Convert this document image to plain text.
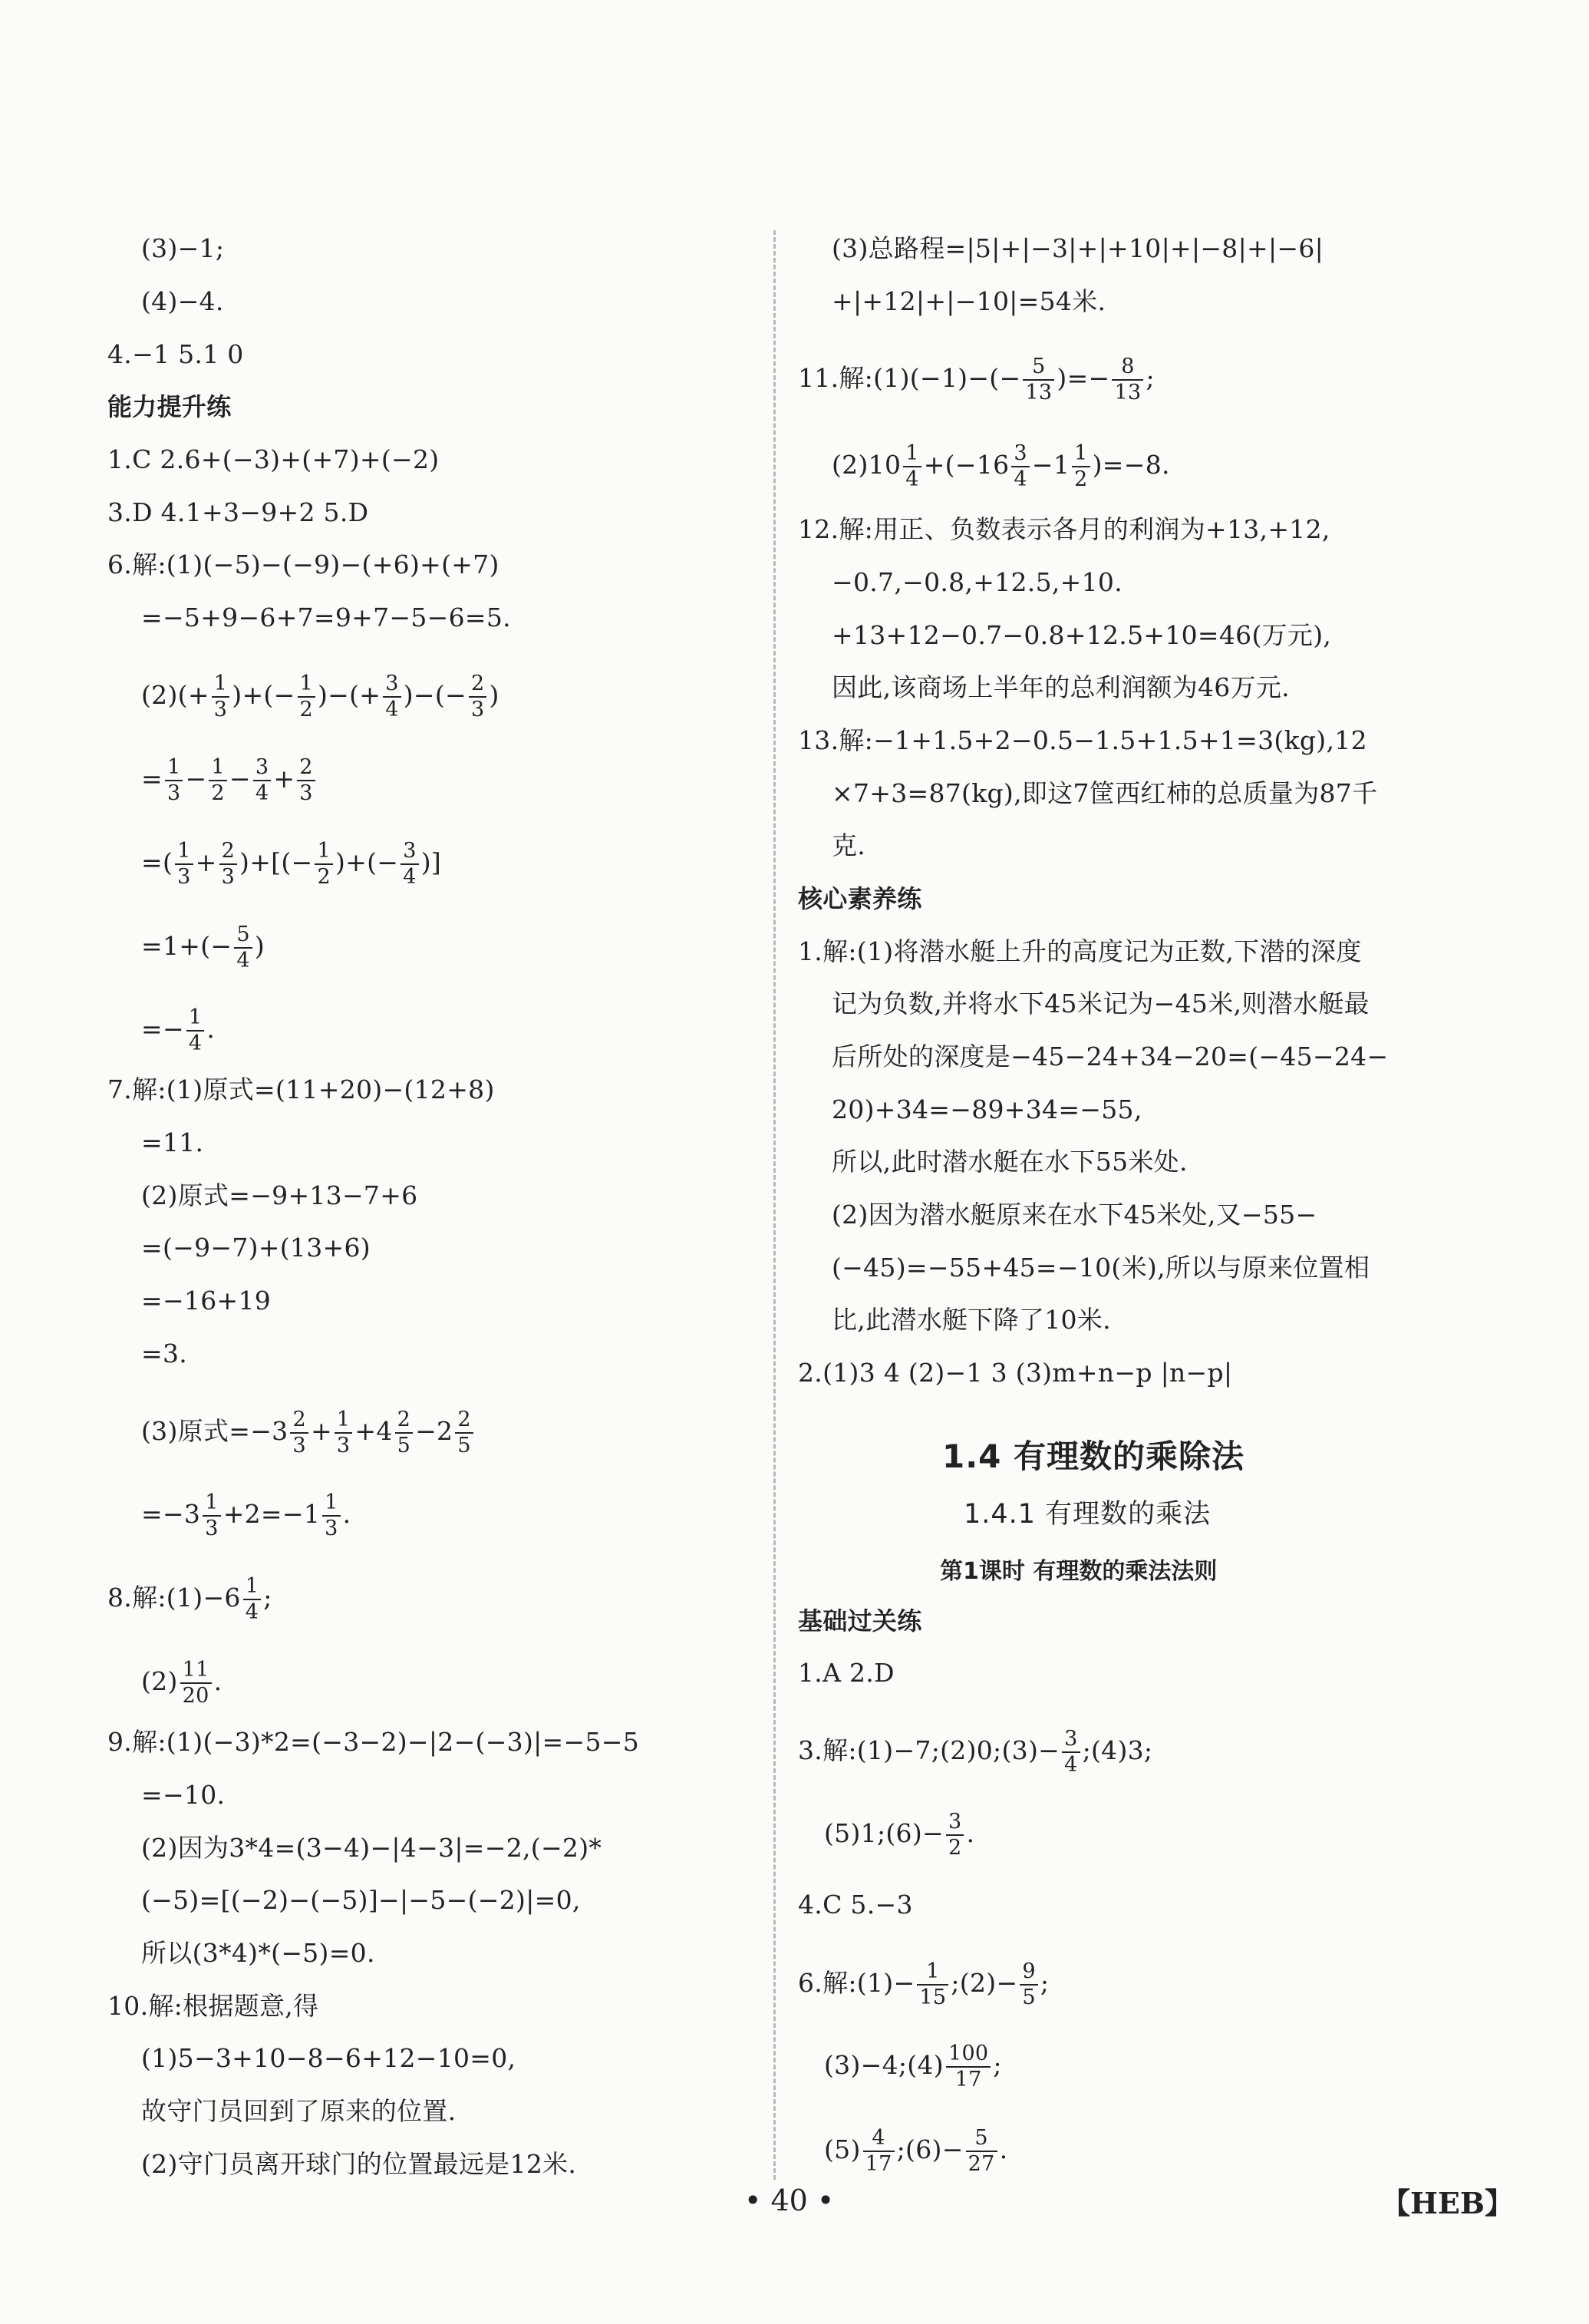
(3)−1;
(4)−4.
4.−1 5.1 0
能力提升练
1.C 2.6+(−3)+(+7)+(−2)
3.D 4.1+3−9+2 5.D
6.解:(1)(−5)−(−9)−(+6)+(+7)
=−5+9−6+7=9+7−5−6=5.
$(2)(+ \frac{1}{3}$ )+(− $\frac{1}{2}$ )−(+ $\frac{3}{4}$ )−(− $\frac{2}{3}$ )
= $\frac{1}{3} - \frac{1}{2} - \frac{3}{4} + \frac{2}{3}$
=( $\frac{1}{3} + \frac{2}{3}$ )+[(− $\frac{1}{2}$ )+(− $\frac{3}{4}$ )]
$=1+(- \frac{5}{4}$ )
=− $\frac{1}{4}$ .
7.解:(1)原式=(11+20)−(12+8)
=11.
(2)原式=−9+13−7+6
=(−9−7)+(13+6)
=−16+19
=3.
(3)原式$=-3 \frac{2}{3} + \frac{1}{3} +4 \frac{2}{5} -2 \frac{2}{5}$
$=-3 \frac{1}{3} +2=-1 \frac{1}{3}$ .
8.解:(1)−6 $\frac{1}{4}$ ;
$(2) \frac{11}{20}$ .
9.解:(1)(−3)*2=(−3−2)−|2−(−3)|=−5−5
=−10.
(2)因为3*4=(3−4)−|4−3|=−2,(−2)*
(−5)=[(−2)−(−5)]−|−5−(−2)|=0,
所以(3*4)*(−5)=0.
10.解:根据题意,得
(1)5−3+10−8−6+12−10=0,
故守门员回到了原来的位置.
(2)守门员离开球门的位置最远是12米.
(3)总路程=|5|+|−3|+|+10|+|−8|+|−6|
+|+12|+|−10|=54米.
11.解:(1)(−1)−(− $\frac{5}{13}$ )=− $\frac{8}{13}$ ;
$(2)10 \frac{1}{4} +(-16 \frac{3}{4} -1 \frac{1}{2} )=-8$.
12.解:用正、负数表示各月的利润为+13,+12,
−0.7,−0.8,+12.5,+10.
+13+12−0.7−0.8+12.5+10=46(万元),
因此,该商场上半年的总利润额为46万元.
13.解:−1+1.5+2−0.5−1.5+1.5+1=3(kg),12
×7+3=87(kg),即这7筐西红柿的总质量为87千
克.
核心素养练
1.解:(1)将潜水艇上升的高度记为正数,下潜的深度
记为负数,并将水下45米记为−45米,则潜水艇最
后所处的深度是−45−24+34−20=(−45−24−
20)+34=−89+34=−55,
所以,此时潜水艇在水下55米处.
(2)因为潜水艇原来在水下45米处,又−55−
(−45)=−55+45=−10(米),所以与原来位置相
比,此潜水艇下降了10米.
2.(1)3 4 (2)−1 3 (3)m+n−p |n−p|
1.4 有理数的乘除法
1.4.1 有理数的乘法
第1课时 有理数的乘法法则
基础过关练
1.A 2.D
3.解:(1)−7;(2)0;(3)− $\frac{3}{4}$ ;(4)3;
(5)1;(6)− $\frac{3}{2}$ .
4.C 5.−3
6.解:(1)− $\frac{1}{15}$ ;(2)− $\frac{9}{5}$ ;
(3)−4;(4) $\frac{100}{17}$ ;
$(5) \frac{4}{17}$ ;(6)− $\frac{5}{27}$ .
• 40 •	【HEB】
